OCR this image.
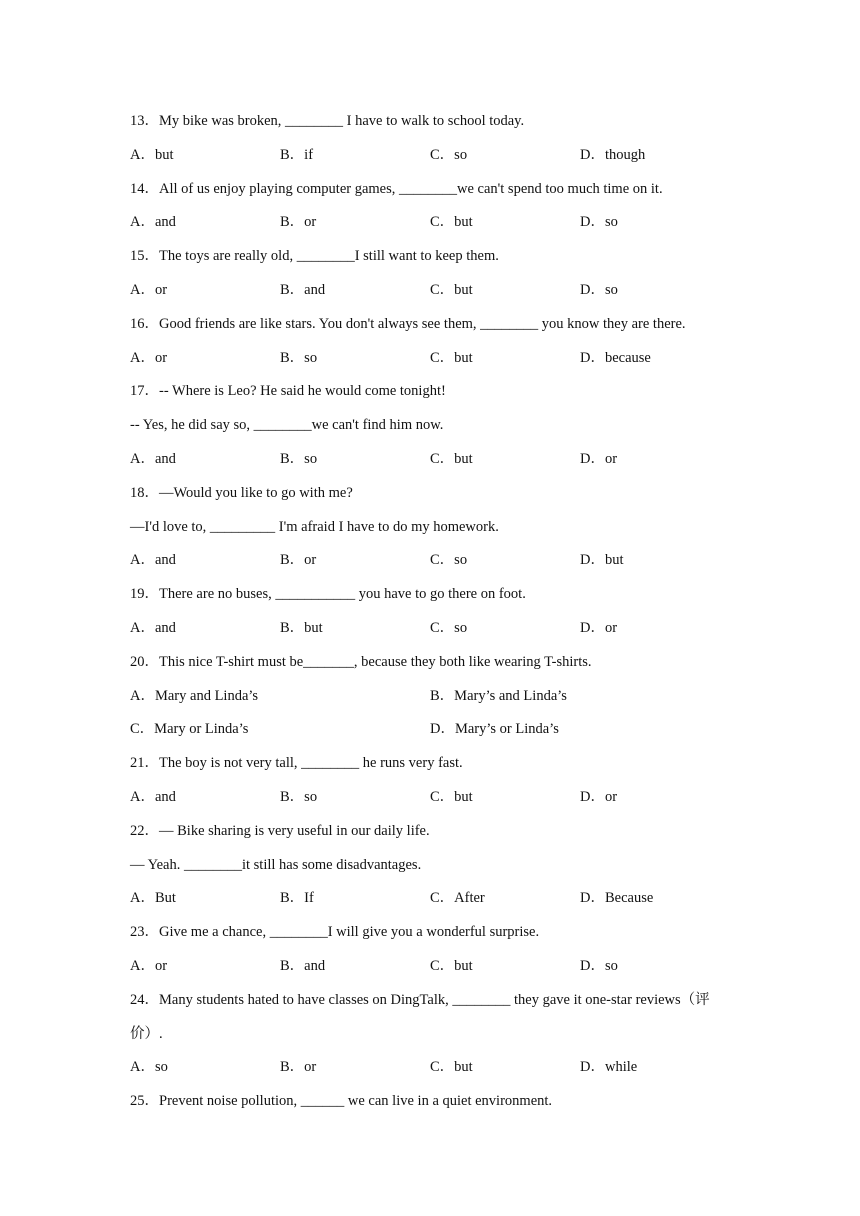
13．My bike was broken, ________ I have to walk to school today.
A．but	B．if	C．so	D．though
14．All of us enjoy playing computer games, ________we can't spend too much time on it.
A．and	B．or	C．but	D．so
15．The toys are really old, ________I still want to keep them.
A．or	B．and	C．but	D．so
16．Good friends are like stars. You don't always see them, ________ you know they are there.
A．or	B．so	C．but	D．because
17．-- Where is Leo? He said he would come tonight!
-- Yes, he did say so, ________we can't find him now.
A．and	B．so	C．but	D．or
18．—Would you like to go with me?
—I'd love to, _________ I'm afraid I have to do my homework.
A．and	B．or	C．so	D．but
19．There are no buses, ___________ you have to go there on foot.
A．and	B．but	C．so	D．or
20．This nice T-shirt must be_______, because they both like wearing T-shirts.
A．Mary and Linda’s	B．Mary’s and Linda’s
C．Mary or Linda’s	D．Mary’s or Linda’s
21．The boy is not very tall, ________ he runs very fast.
A．and	B．so	C．but	D．or
22．— Bike sharing is very useful in our daily life.
— Yeah. ________it still has some disadvantages.
A．But	B．If	C．After	D．Because
23．Give me a chance, ________I will give you a wonderful surprise.
A．or	B．and	C．but	D．so
24．Many students hated to have classes on DingTalk, ________ they gave it one-star reviews（评
价）.
A．so	B．or	C．but	D．while
25．Prevent noise pollution, ______ we can live in a quiet environment.
